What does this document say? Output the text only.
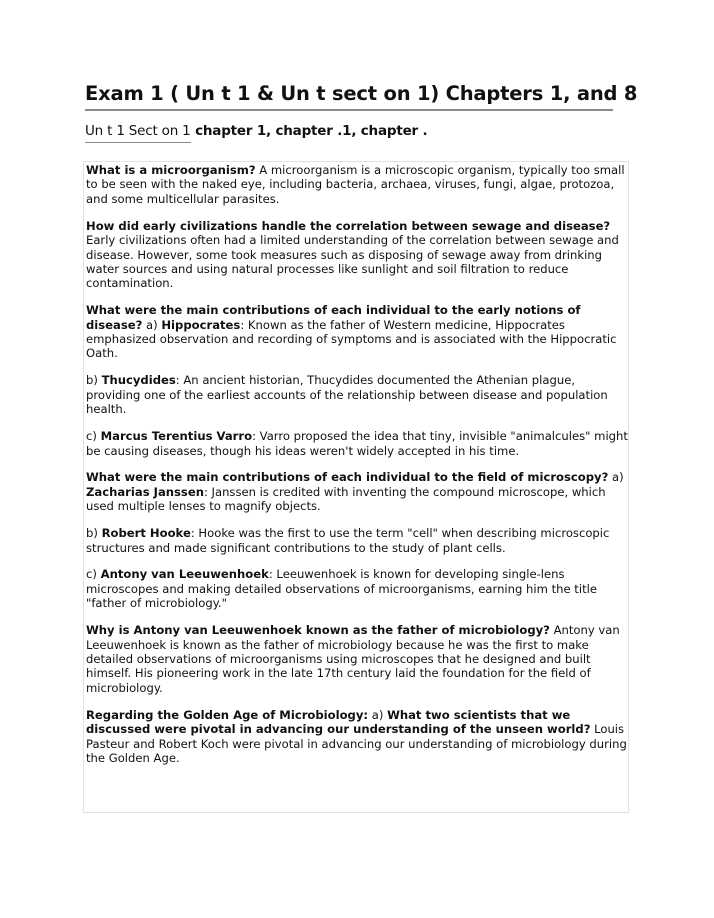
Exam 1 ( Un t 1 & Un t sect on 1) Chapters 1, and 8
Un t 1 Sect on 1 chapter 1, chapter .1, chapter .

What is a microorganism? A microorganism is a microscopic organism, typically too small to be seen with the naked eye, including bacteria, archaea, viruses, fungi, algae, protozoa, and some multicellular parasites.

How did early civilizations handle the correlation between sewage and disease? Early civilizations often had a limited understanding of the correlation between sewage and disease. However, some took measures such as disposing of sewage away from drinking water sources and using natural processes like sunlight and soil filtration to reduce contamination.

What were the main contributions of each individual to the early notions of disease? a) Hippocrates: Known as the father of Western medicine, Hippocrates emphasized observation and recording of symptoms and is associated with the Hippocratic Oath.

b) Thucydides: An ancient historian, Thucydides documented the Athenian plague, providing one of the earliest accounts of the relationship between disease and population health.

c) Marcus Terentius Varro: Varro proposed the idea that tiny, invisible "animalcules" might be causing diseases, though his ideas weren't widely accepted in his time.

What were the main contributions of each individual to the field of microscopy? a) Zacharias Janssen: Janssen is credited with inventing the compound microscope, which used multiple lenses to magnify objects.

b) Robert Hooke: Hooke was the first to use the term "cell" when describing microscopic structures and made significant contributions to the study of plant cells.

c) Antony van Leeuwenhoek: Leeuwenhoek is known for developing single-lens microscopes and making detailed observations of microorganisms, earning him the title "father of microbiology."

Why is Antony van Leeuwenhoek known as the father of microbiology? Antony van Leeuwenhoek is known as the father of microbiology because he was the first to make detailed observations of microorganisms using microscopes that he designed and built himself. His pioneering work in the late 17th century laid the foundation for the field of microbiology.

Regarding the Golden Age of Microbiology: a) What two scientists that we discussed were pivotal in advancing our understanding of the unseen world? Louis Pasteur and Robert Koch were pivotal in advancing our understanding of microbiology during the Golden Age.
